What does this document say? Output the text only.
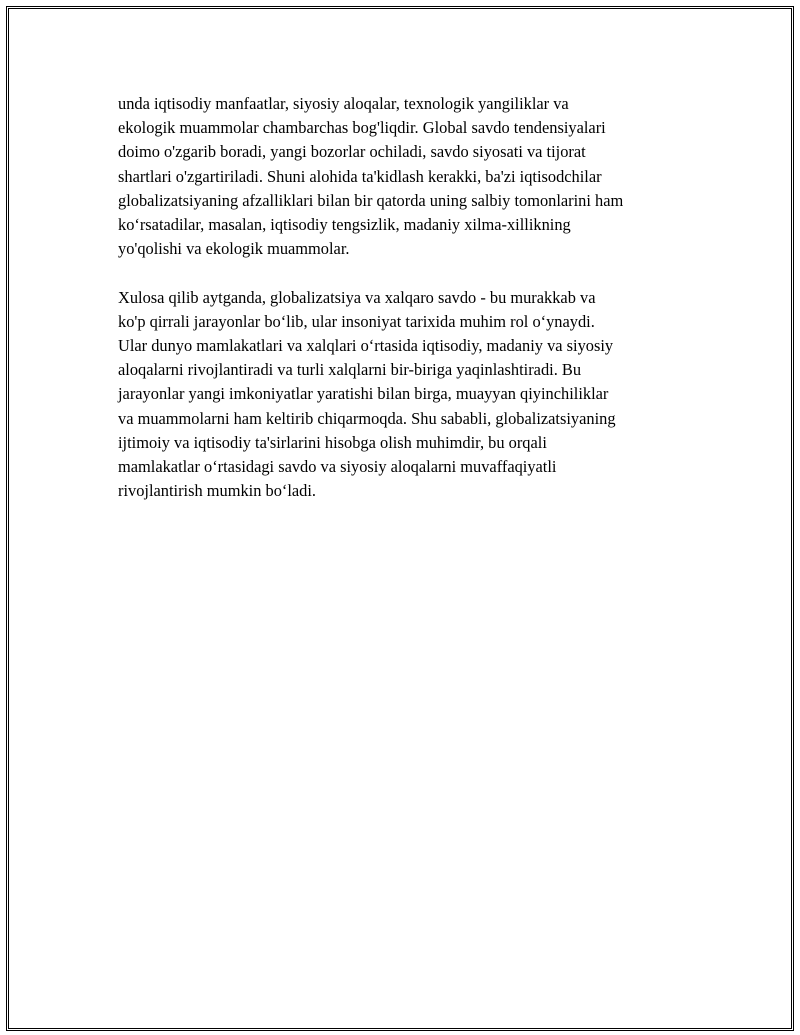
unda iqtisodiy manfaatlar, siyosiy aloqalar, texnologik yangiliklar va
ekologik muammolar chambarchas bog'liqdir. Global savdo tendensiyalari
doimo o'zgarib boradi, yangi bozorlar ochiladi, savdo siyosati va tijorat
shartlari o'zgartiriladi. Shuni alohida ta'kidlash kerakki, ba'zi iqtisodchilar
globalizatsiyaning afzalliklari bilan bir qatorda uning salbiy tomonlarini ham
koʻrsatadilar, masalan, iqtisodiy tengsizlik, madaniy xilma-xillikning
yo'qolishi va ekologik muammolar.

Xulosa qilib aytganda, globalizatsiya va xalqaro savdo - bu murakkab va
ko'p qirrali jarayonlar boʻlib, ular insoniyat tarixida muhim rol oʻynaydi.
Ular dunyo mamlakatlari va xalqlari oʻrtasida iqtisodiy, madaniy va siyosiy
aloqalarni rivojlantiradi va turli xalqlarni bir-biriga yaqinlashtiradi. Bu
jarayonlar yangi imkoniyatlar yaratishi bilan birga, muayyan qiyinchiliklar
va muammolarni ham keltirib chiqarmoqda. Shu sababli, globalizatsiyaning
ijtimoiy va iqtisodiy ta'sirlarini hisobga olish muhimdir, bu orqali
mamlakatlar oʻrtasidagi savdo va siyosiy aloqalarni muvaffaqiyatli
rivojlantirish mumkin boʻladi.
